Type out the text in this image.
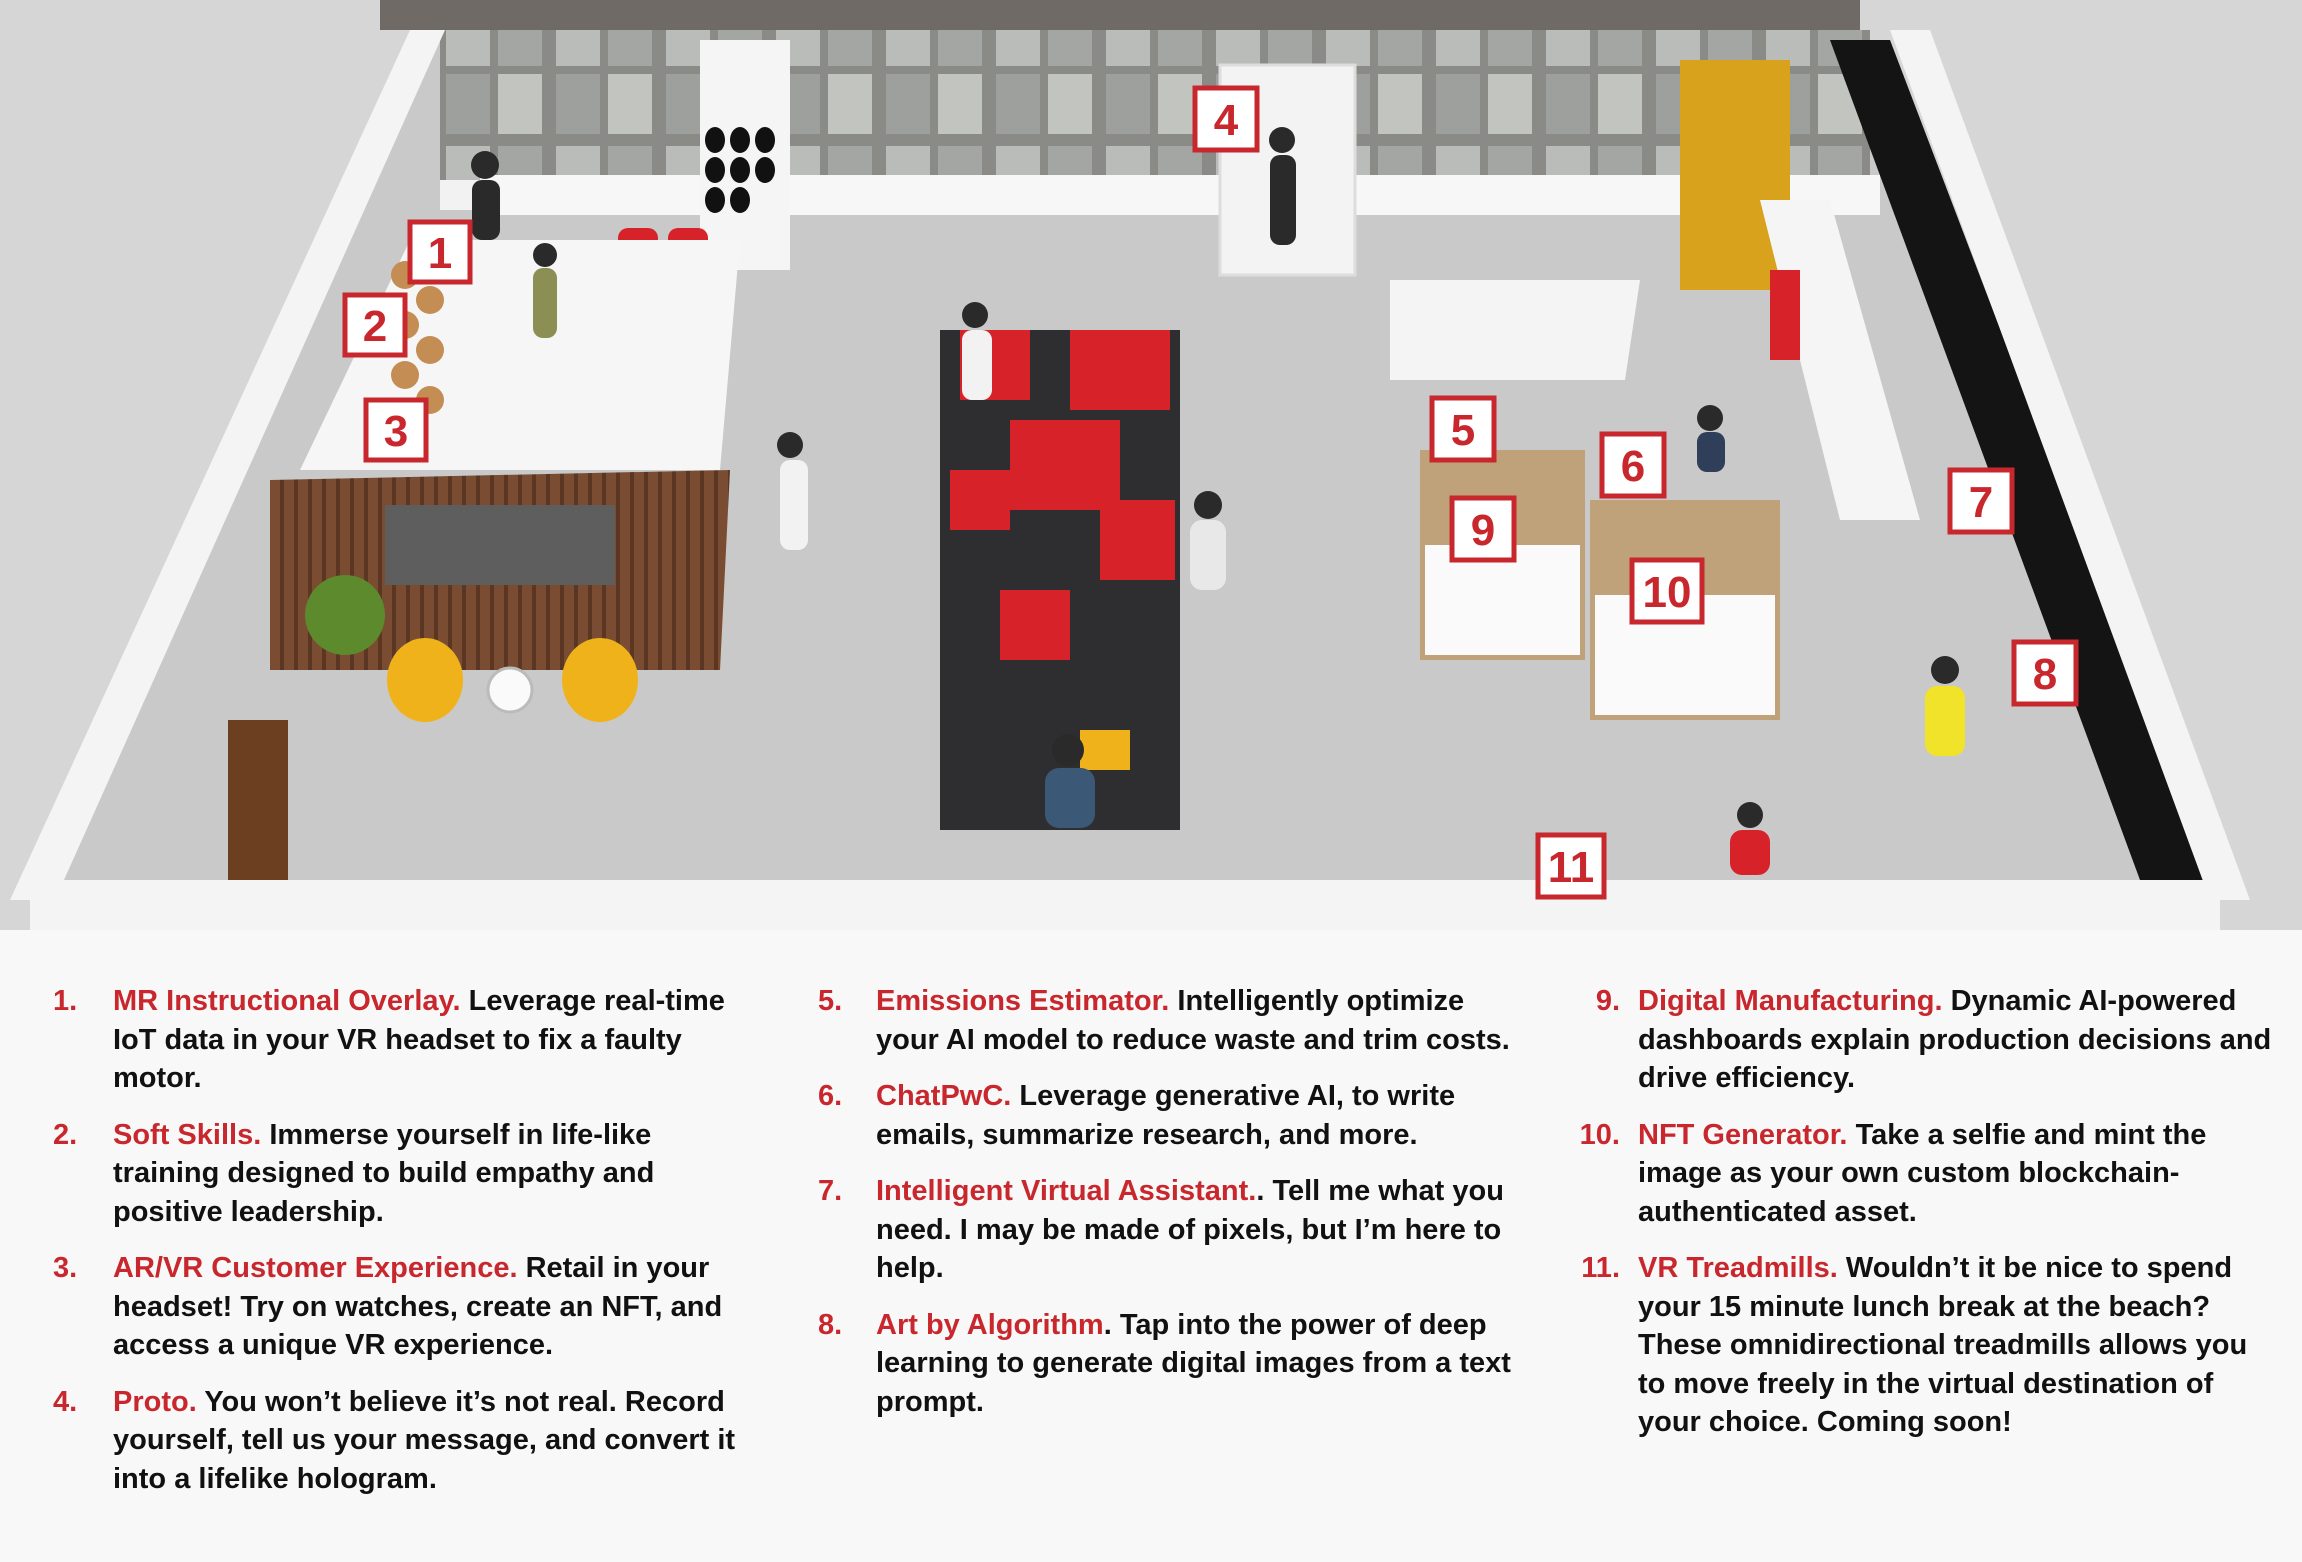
1
2
3
4
5
6
7
8
9
10
11
1.	MR Instructional Overlay. Leverage real-time IoT data in your VR headset to fix a faulty motor.
2.	Soft Skills. Immerse yourself in life-like training designed to build empathy and positive leadership.
3.	AR/VR Customer Experience. Retail in your headset! Try on watches, create an NFT, and access a unique VR experience.
4.	Proto. You won’t believe it’s not real. Record yourself, tell us your message, and convert it into a lifelike hologram.
5.	Emissions Estimator. Intelligently optimize your AI model to reduce waste and trim costs.
6.	ChatPwC. Leverage generative AI, to write emails, summarize research, and more.
7.	Intelligent Virtual Assistant.. Tell me what you need. I may be made of pixels, but I’m here to help.
8.	Art by Algorithm. Tap into the power of deep learning to generate digital images from a text prompt.
9. Digital Manufacturing. Dynamic AI-powered dashboards explain production decisions and drive efficiency.
10. NFT Generator. Take a selfie and mint the image as your own custom blockchain-authenticated asset.
11. VR Treadmills. Wouldn’t it be nice to spend your 15 minute lunch break at the beach? These omnidirectional treadmills allows you to move freely in the virtual destination of your choice. Coming soon!
